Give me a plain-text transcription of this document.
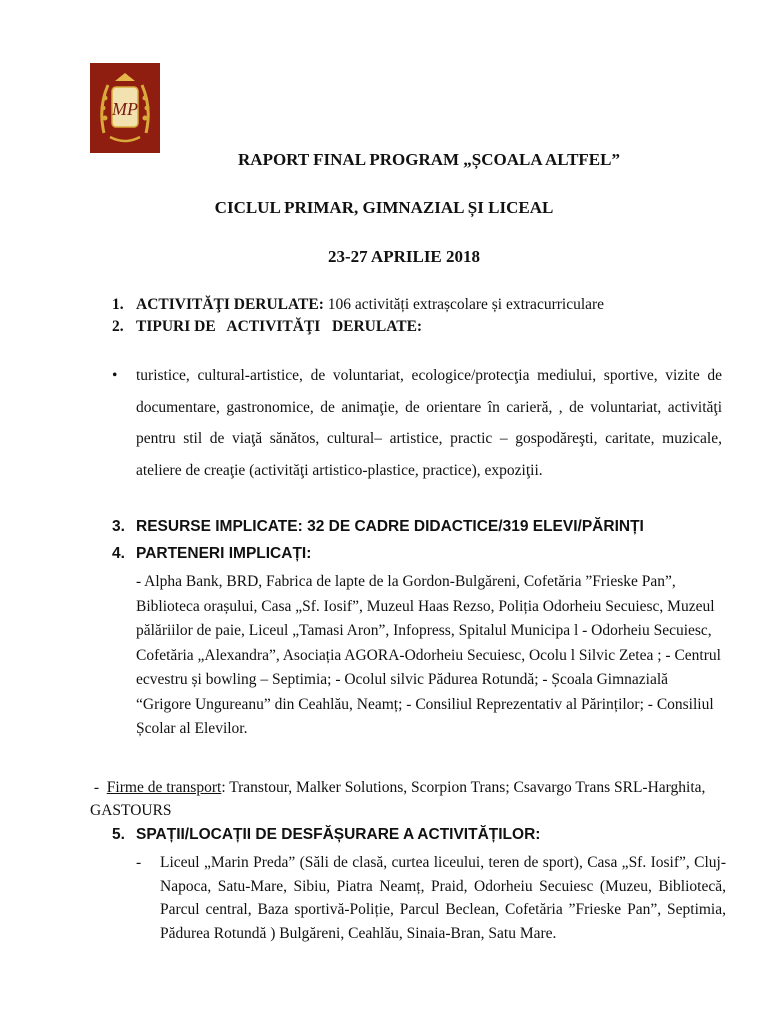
MP
RAPORT FINAL PROGRAM „ȘCOALA ALTFEL”
CICLUL PRIMAR, GIMNAZIAL ȘI LICEAL
23-27 APRILIE 2018
1. ACTIVITĂŢI DERULATE: 106 activități extrașcolare și extracurriculare
2. TIPURI DE   ACTIVITĂŢI   DERULATE:
• turistice, cultural-artistice, de voluntariat, ecologice/protecţia mediului, sportive, vizite de documentare, gastronomice, de animaţie, de orientare în carieră, , de voluntariat, activităţi pentru stil de viaţă sănătos, cultural– artistice, practic – gospodăreşti, caritate, muzicale, ateliere de creaţie (activităţi artistico-plastice, practice), expoziţii.
3. RESURSE IMPLICATE: 32 DE CADRE DIDACTICE/319 ELEVI/PĂRINȚI
4. PARTENERI IMPLICAȚI:
- Alpha Bank, BRD, Fabrica de lapte de la Gordon-Bulgăreni, Cofetăria ”Frieske Pan”, Biblioteca orașului, Casa „Sf. Iosif”, Muzeul Haas Rezso, Poliția Odorheiu Secuiesc, Muzeul pălăriilor de paie, Liceul „Tamasi Aron”, Infopress, Spitalul Municipa l - Odorheiu Secuiesc, Cofetăria „Alexandra”, Asociația AGORA-Odorheiu Secuiesc, Ocolu l Silvic Zetea ; - Centrul ecvestru și bowling – Septimia; - Ocolul silvic Pădurea Rotundă; - Școala Gimnazială “Grigore Ungureanu” din Ceahlău, Neamț; - Consiliul Reprezentativ al Părinților; - Consiliul Școlar al Elevilor.
-  Firme de transport: Transtour, Malker Solutions, Scorpion Trans; Csavargo Trans SRL-Harghita, GASTOURS
5. SPAȚII/LOCAȚII DE DESFĂȘURARE A ACTIVITĂȚILOR:
- Liceul „Marin Preda” (Săli de clasă, curtea liceului, teren de sport), Casa „Sf. Iosif”, Cluj-Napoca, Satu-Mare, Sibiu, Piatra Neamț, Praid, Odorheiu Secuiesc (Muzeu, Bibliotecă, Parcul central, Baza sportivă-Poliție, Parcul Beclean, Cofetăria ”Frieske Pan”, Septimia, Pădurea Rotundă ) Bulgăreni, Ceahlău, Sinaia-Bran, Satu Mare.
